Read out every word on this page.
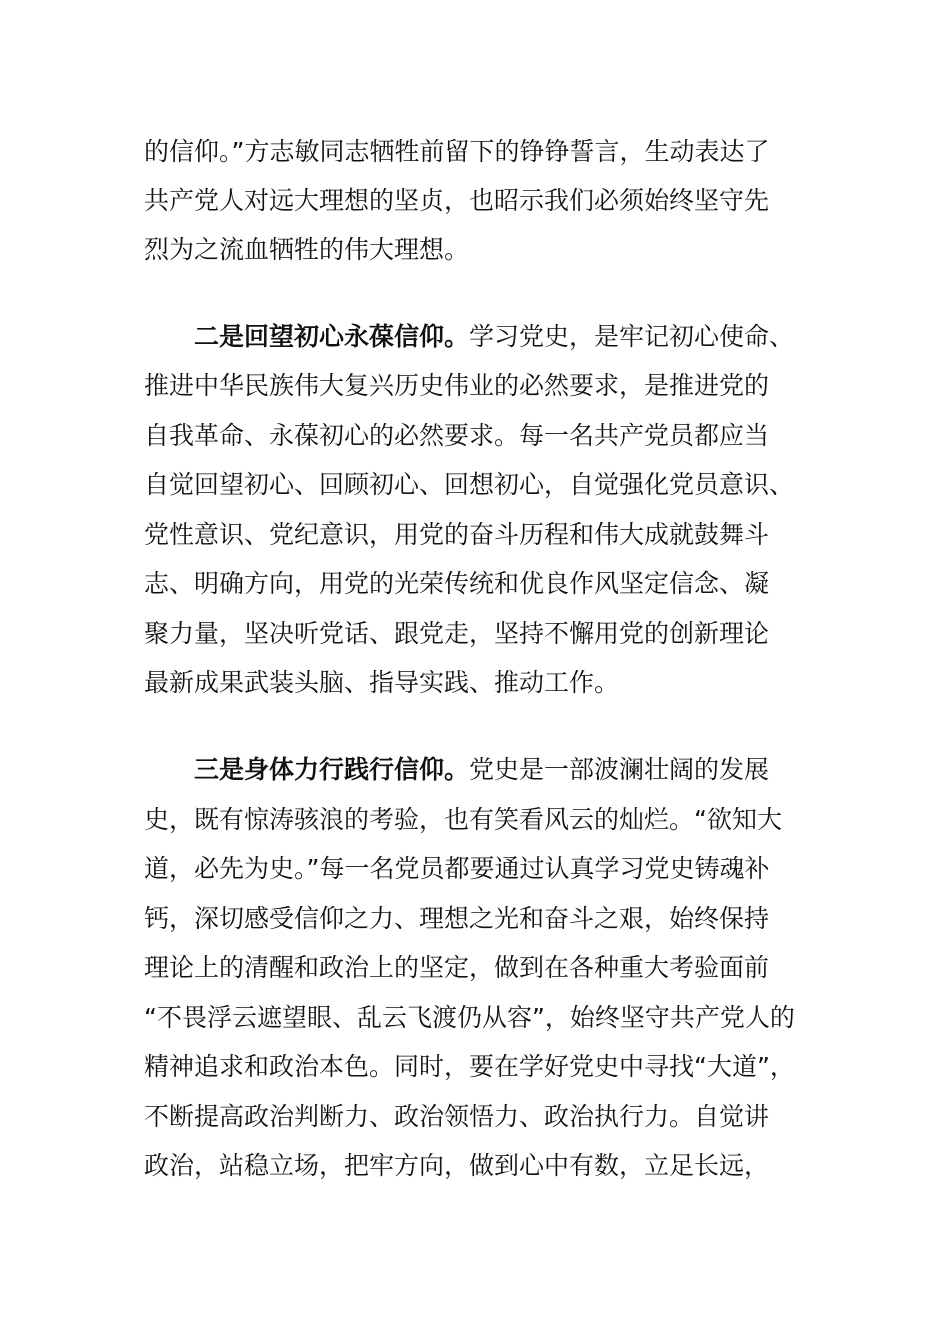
的信仰。”方志敏同志牺牲前留下的铮铮誓言，生动表达了
共产党人对远大理想的坚贞，也昭示我们必须始终坚守先
烈为之流血牺牲的伟大理想。
二是回望初心永葆信仰。学习党史，是牢记初心使命、
推进中华民族伟大复兴历史伟业的必然要求，是推进党的
自我革命、永葆初心的必然要求。每一名共产党员都应当
自觉回望初心、回顾初心、回想初心，自觉强化党员意识、
党性意识、党纪意识，用党的奋斗历程和伟大成就鼓舞斗
志、明确方向，用党的光荣传统和优良作风坚定信念、凝
聚力量，坚决听党话、跟党走，坚持不懈用党的创新理论
最新成果武装头脑、指导实践、推动工作。
三是身体力行践行信仰。党史是一部波澜壮阔的发展
史，既有惊涛骇浪的考验，也有笑看风云的灿烂。“欲知大
道，必先为史。”每一名党员都要通过认真学习党史铸魂补
钙，深切感受信仰之力、理想之光和奋斗之艰，始终保持
理论上的清醒和政治上的坚定，做到在各种重大考验面前
“不畏浮云遮望眼、乱云飞渡仍从容”，始终坚守共产党人的
精神追求和政治本色。同时，要在学好党史中寻找“大道”，
不断提高政治判断力、政治领悟力、政治执行力。自觉讲
政治，站稳立场，把牢方向，做到心中有数，立足长远，
